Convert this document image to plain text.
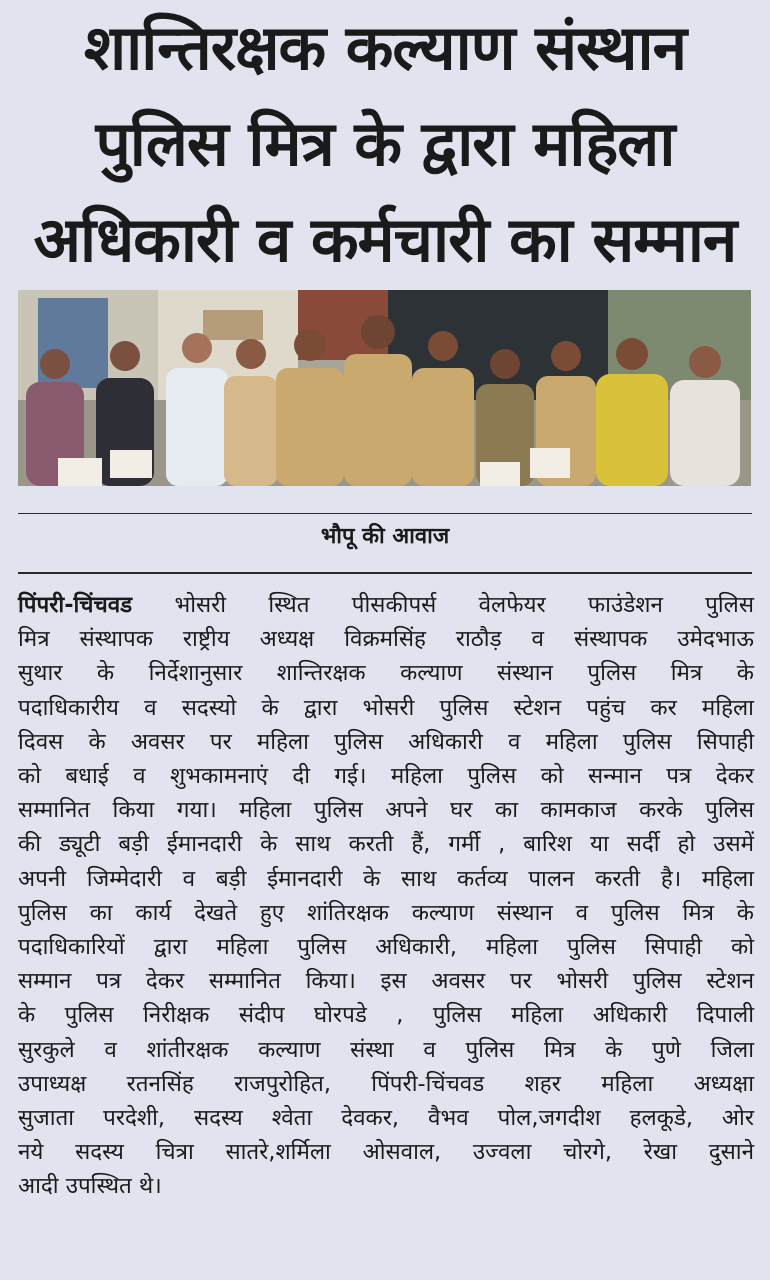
शान्तिरक्षक कल्याण संस्थान
पुलिस मित्र के द्वारा महिला
अधिकारी व कर्मचारी का सम्मान
भौपू की आवाज
पिंपरी-चिंचवड भोसरी स्थित पीसकीपर्स वेलफेयर फाउंडेशन पुलिस
मित्र संस्थापक राष्ट्रीय अध्यक्ष विक्रमसिंह राठौड़ व संस्थापक उमेदभाऊ
सुथार के निर्देशानुसार शान्तिरक्षक कल्याण संस्थान पुलिस मित्र के
पदाधिकारीय व सदस्यो के द्वारा भोसरी पुलिस स्टेशन पहुंच कर महिला
दिवस के अवसर पर महिला पुलिस अधिकारी व महिला पुलिस सिपाही
को बधाई व शुभकामनाएं दी गई। महिला पुलिस को सन्मान पत्र देकर
सम्मानित किया गया। महिला पुलिस अपने घर का कामकाज करके पुलिस
की ड्यूटी बड़ी ईमानदारी के साथ करती हैं, गर्मी , बारिश या सर्दी हो उसमें
अपनी जिम्मेदारी व बड़ी ईमानदारी के साथ कर्तव्य पालन करती है। महिला
पुलिस का कार्य देखते हुए शांतिरक्षक कल्याण संस्थान व पुलिस मित्र के
पदाधिकारियों द्वारा महिला पुलिस अधिकारी, महिला पुलिस सिपाही को
सम्मान पत्र देकर सम्मानित किया। इस अवसर पर भोसरी पुलिस स्टेशन
के पुलिस निरीक्षक संदीप घोरपडे , पुलिस महिला अधिकारी दिपाली
सुरकुले व शांतीरक्षक कल्याण संस्था व पुलिस मित्र के पुणे जिला
उपाध्यक्ष रतनसिंह राजपुरोहित, पिंपरी-चिंचवड शहर महिला अध्यक्षा
सुजाता परदेशी, सदस्य श्वेता देवकर, वैभव पोल,जगदीश हलकूडे, ओर
नये सदस्य चित्रा सातरे,शर्मिला ओसवाल, उज्वला चोरगे, रेखा दुसाने
आदी उपस्थित थे।
